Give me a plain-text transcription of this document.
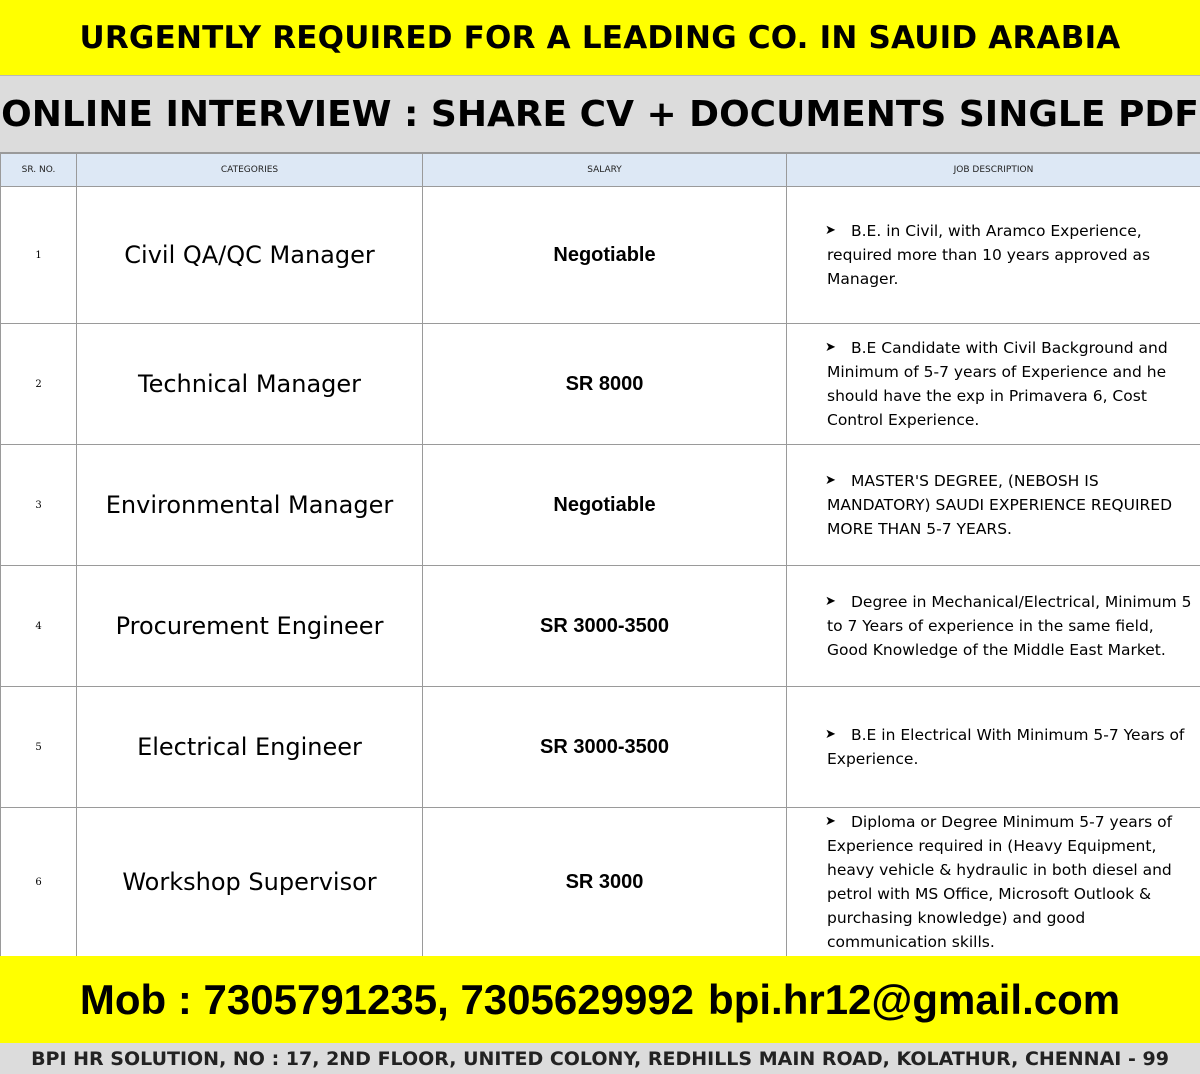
URGENTLY REQUIRED FOR A LEADING CO. IN SAUID ARABIA
ONLINE INTERVIEW : SHARE CV + DOCUMENTS SINGLE PDF
SR. NO.	CATEGORIES	SALARY	JOB DESCRIPTION
1	Civil QA/QC Manager	Negotiable	➤ B.E. in Civil, with Aramco Experience, required more than 10 years approved as Manager.

2	Technical Manager	SR 8000	➤ B.E Candidate with Civil Background and Minimum of 5-7 years of Experience and he should have the exp in Primavera 6, Cost Control Experience.

3	Environmental Manager	Negotiable	➤ MASTER'S DEGREE, (NEBOSH IS MANDATORY) SAUDI EXPERIENCE REQUIRED MORE THAN 5-7 YEARS.

4	Procurement Engineer	SR 3000-3500	➤ Degree in Mechanical/Electrical, Minimum 5 to 7 Years of experience in the same field, Good Knowledge of the Middle East Market.

5	Electrical Engineer	SR 3000-3500	➤ B.E in Electrical With Minimum 5-7 Years of Experience.

6	Workshop Supervisor	SR 3000	➤ Diploma or Degree Minimum 5-7 years of Experience required in (Heavy Equipment, heavy vehicle & hydraulic in both diesel and petrol with MS Office, Microsoft Outlook & purchasing knowledge) and good communication skills.
Mob : 7305791235, 7305629992 bpi.hr12@gmail.com
BPI HR SOLUTION, NO : 17, 2ND FLOOR, UNITED COLONY, REDHILLS MAIN ROAD, KOLATHUR, CHENNAI - 99
